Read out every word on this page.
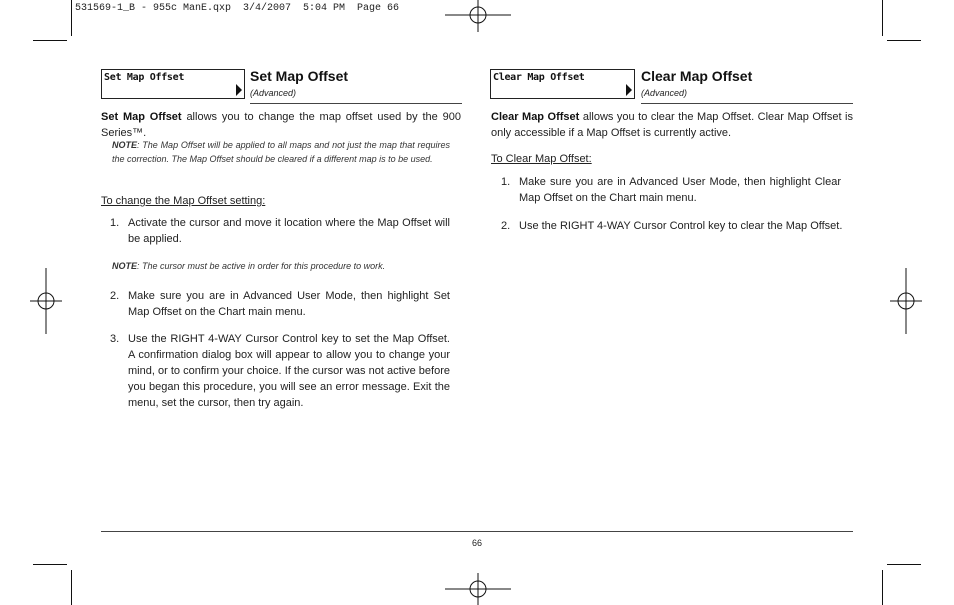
531569-1_B - 955c ManE.qxp  3/4/2007  5:04 PM  Page 66
Set Map Offset	Set Map Offset
(Advanced)
Set Map Offset allows you to change the map offset used by the 900 Series™.
NOTE: The Map Offset will be applied to all maps and not just the map that requires the correction. The Map Offset should be cleared if a different map is to be used.
To change the Map Offset setting:
1. Activate the cursor and move it location where the Map Offset will be applied.
NOTE: The cursor must be active in order for this procedure to work.
2. Make sure you are in Advanced User Mode, then highlight Set Map Offset on the Chart main menu.
3. Use the RIGHT 4-WAY Cursor Control key to set the Map Offset. A confirmation dialog box will appear to allow you to change your mind, or to confirm your choice. If the cursor was not active before you began this procedure, you will see an error message. Exit the menu, set the cursor, then try again.
Clear Map Offset	Clear Map Offset
(Advanced)
Clear Map Offset allows you to clear the Map Offset. Clear Map Offset is only accessible if a Map Offset is currently active.
To Clear Map Offset:
1. Make sure you are in Advanced User Mode, then highlight Clear Map Offset on the Chart main menu.
2. Use the RIGHT 4-WAY Cursor Control key to clear the Map Offset.
66
